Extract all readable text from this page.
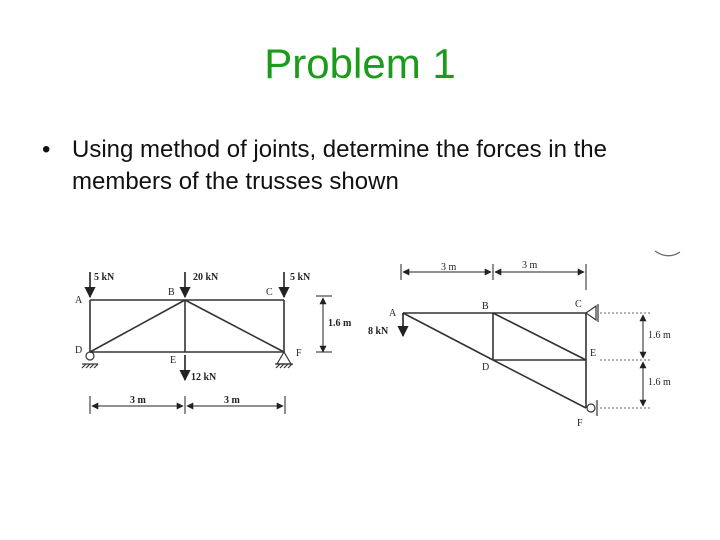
Problem 1
• Using method of joints, determine the forces in the members of the trusses shown
5 kN	20 kN	5 kN
12 kN
A
B	C
D
E
F
1.6 m
3 m	3 m
8 kN
A
B	C
D
E
F
3 m	3 m
1.6 m
1.6 m
